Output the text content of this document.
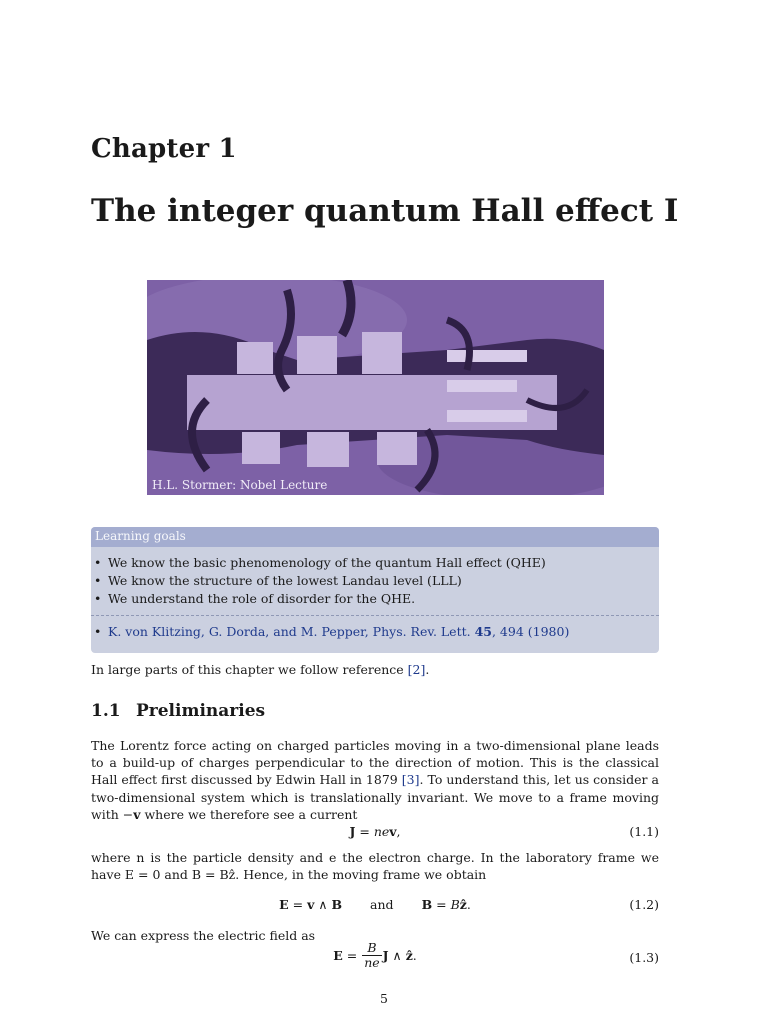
Chapter 1
The integer quantum Hall effect I
H.L. Stormer: Nobel Lecture
Learning goals
• We know the basic phenomenology of the quantum Hall effect (QHE)
• We know the structure of the lowest Landau level (LLL)
• We understand the role of disorder for the QHE.
• K. von Klitzing, G. Dorda, and M. Pepper, Phys. Rev. Lett. 45, 494 (1980)
In large parts of this chapter we follow reference [2].
1.1 Preliminaries
The Lorentz force acting on charged particles moving in a two-dimensional plane leads to a build-up of charges perpendicular to the direction of motion. This is the classical Hall effect first discussed by Edwin Hall in 1879 [3]. To understand this, let us consider a two-dimensional system which is translationally invariant. We move to a frame moving with −v where we therefore see a current
J = nev,	(1.1)
where n is the particle density and e the electron charge. In the laboratory frame we have E = 0 and B = Bẑ. Hence, in the moving frame we obtain
E = v ∧ B and B = Bẑ.	(1.2)
We can express the electric field as
$E = \frac{B}{ne}$ J ∧ ẑ.	(1.3)
5
